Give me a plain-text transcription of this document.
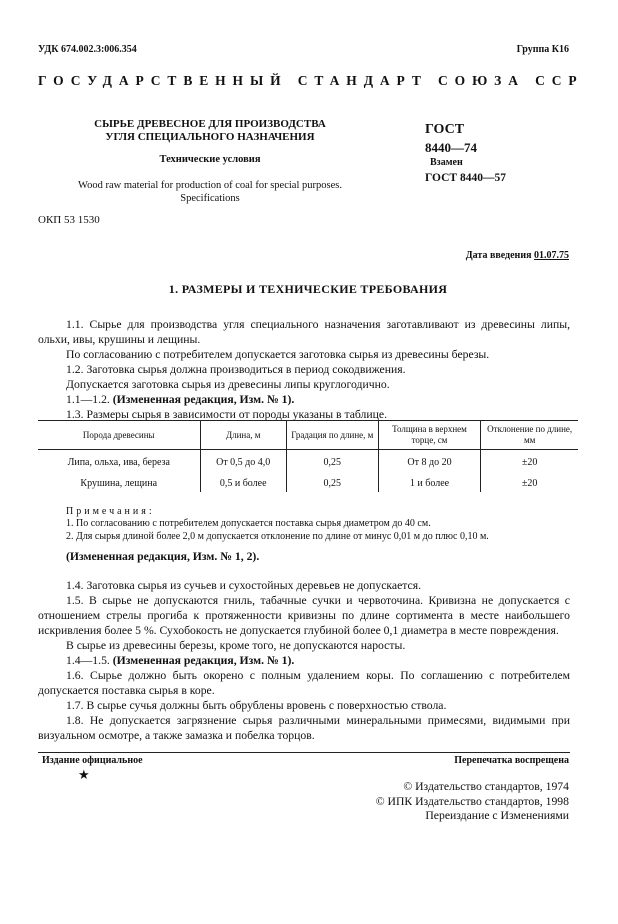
УДК 674.002.3:006.354	Группа К16
ГОСУДАРСТВЕННЫЙ СТАНДАРТ СОЮЗА ССР
СЫРЬЕ ДРЕВЕСНОЕ ДЛЯ ПРОИЗВОДСТВА
УГЛЯ СПЕЦИАЛЬНОГО НАЗНАЧЕНИЯ
Технические условия
Wood raw material for production of coal for special purposes.
Specifications
ГОСТ
8440—74
Взамен
ГОСТ 8440—57
ОКП 53 1530
Дата введения 01.07.75
1. РАЗМЕРЫ И ТЕХНИЧЕСКИЕ ТРЕБОВАНИЯ
1.1. Сырье для производства угля специального назначения заготавливают из древесины липы, ольхи, ивы, крушины и лещины.
По согласованию с потребителем допускается заготовка сырья из древесины березы.
1.2. Заготовка сырья должна производиться в период сокодвижения.
Допускается заготовка сырья из древесины липы круглогодично.
1.1—1.2. (Измененная редакция, Изм. № 1).
1.3. Размеры сырья в зависимости от породы указаны в таблице.
Порода древесины	Длина, м	Градация по длине, м	Толщина в верхнем торце, см	Отклонение по длине, мм
Липа, ольха, ива, береза	От 0,5 до 4,0	0,25	От 8 до 20	±20
Крушина, лещина	0,5 и более	0,25	1 и более	±20
Примечания:
1. По согласованию с потребителем допускается поставка сырья диаметром до 40 см.
2. Для сырья длиной более 2,0 м допускается отклонение по длине от минус 0,01 м до плюс 0,10 м.
(Измененная редакция, Изм. № 1, 2).
1.4. Заготовка сырья из сучьев и сухостойных деревьев не допускается.
1.5. В сырье не допускаются гниль, табачные сучки и червоточина. Кривизна не допускается с отношением стрелы прогиба к протяженности кривизны по длине сортимента в месте наибольшего искривления более 5 %. Сухобокость не допускается глубиной более 0,1 диаметра в месте повреждения.
В сырье из древесины березы, кроме того, не допускаются наросты.
1.4—1.5. (Измененная редакция, Изм. № 1).
1.6. Сырье должно быть окорено с полным удалением коры. По соглашению с потребителем допускается поставка сырья в коре.
1.7. В сырье сучья должны быть обрублены вровень с поверхностью ствола.
1.8. Не допускается загрязнение сырья различными минеральными примесями, видимыми при визуальном осмотре, а также замазка и побелка торцов.
Издание официальное	Перепечатка воспрещена
★
© Издательство стандартов, 1974
© ИПК Издательство стандартов, 1998
Переиздание с Изменениями
